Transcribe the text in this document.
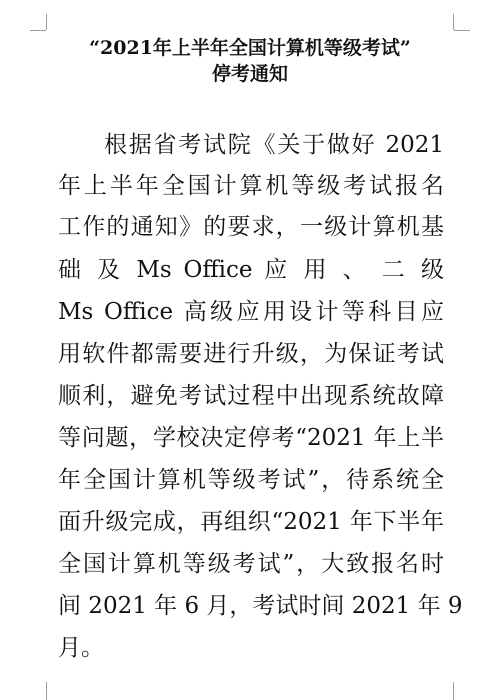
“2021年上半年全国计算机等级考试”
停考通知
根据省考试院《关于做好 2021
年上半年全国计算机等级考试报名
工作的通知》的要求，一级计算机基
础 及 Ms Office 应 用 、 二 级
Ms Office 高级应用设计等科目应
用软件都需要进行升级，为保证考试
顺利，避免考试过程中出现系统故障
等问题，学校决定停考“2021 年上半
年全国计算机等级考试”，待系统全
面升级完成，再组织“2021 年下半年
全国计算机等级考试”，大致报名时
间 2021 年 6 月，考试时间 2021 年 9
月。
